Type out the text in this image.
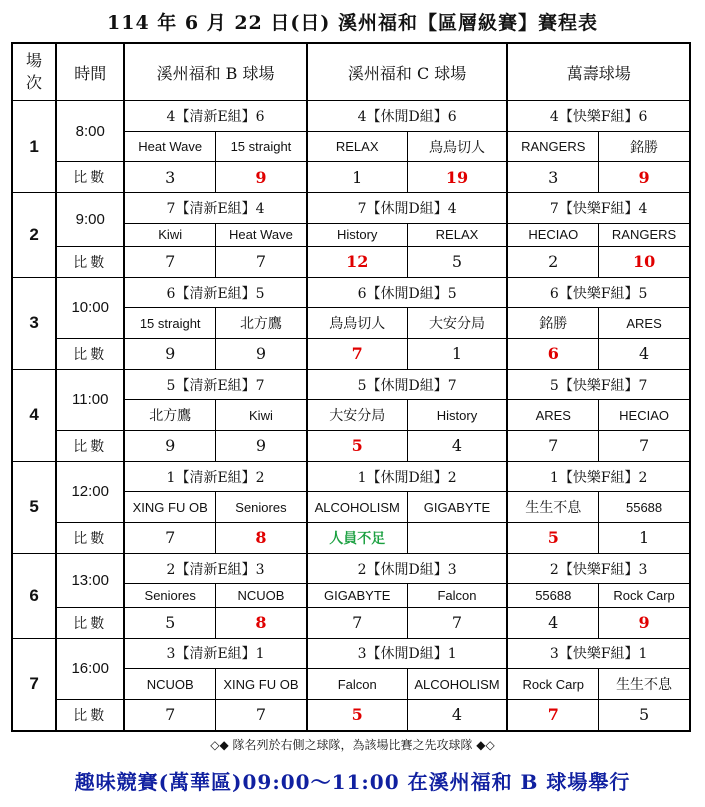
114 年 6 月 22 日(日) 溪州福和【區層級賽】賽程表
場
次	時間	溪州福和 B 球場		溪州福和 C 球場		萬壽球場	
1	8:00	4【清新E組】6		4【休閒D組】6		4【快樂F組】6	
		Heat Wave	15 straight	RELAX	鳥鳥切人	RANGERS	銘勝
	比數	3	9	1	19	3	9
2	9:00	7【清新E組】4		7【休閒D組】4		7【快樂F組】4	
		Kiwi	Heat Wave	History	RELAX	HECIAO	RANGERS
	比數	7	7	12	5	2	10
3	10:00	6【清新E組】5		6【休閒D組】5		6【快樂F組】5	
		15 straight	北方鷹	鳥鳥切人	大安分局	銘勝	ARES
	比數	9	9	7	1	6	4
4	11:00	5【清新E組】7		5【休閒D組】7		5【快樂F組】7	
		北方鷹	Kiwi	大安分局	History	ARES	HECIAO
	比數	9	9	5	4	7	7
5	12:00	1【清新E組】2		1【休閒D組】2		1【快樂F組】2	
		XING FU OB	Seniores	ALCOHOLISM	GIGABYTE	生生不息	55688
	比數	7	8	人員不足		5	1
6	13:00	2【清新E組】3		2【休閒D組】3		2【快樂F組】3	
		Seniores	NCUOB	GIGABYTE	Falcon	55688	Rock Carp
	比數	5	8	7	7	4	9
7	16:00	3【清新E組】1		3【休閒D組】1		3【快樂F組】1	
		NCUOB	XING FU OB	Falcon	ALCOHOLISM	Rock Carp	生生不息
	比數	7	7	5	4	7	5
◇◆ 隊名列於右側之球隊，為該場比賽之先攻球隊 ◆◇
趣味競賽(萬華區)09:00～11:00 在溪州福和 B 球場舉行
